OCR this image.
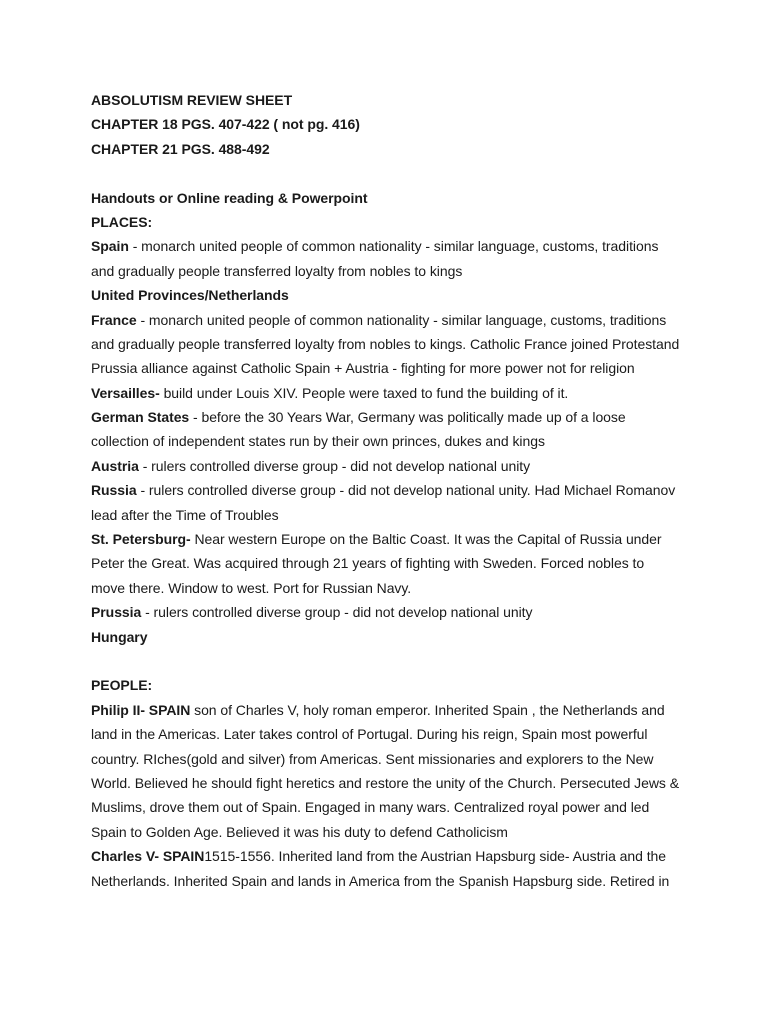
ABSOLUTISM REVIEW SHEET
CHAPTER 18 PGS. 407-422 ( not pg. 416)
CHAPTER 21 PGS. 488-492
Handouts or Online reading & Powerpoint
PLACES:
Spain - monarch united people of common nationality - similar language, customs, traditions
and gradually people transferred loyalty from nobles to kings
United Provinces/Netherlands
France - monarch united people of common nationality - similar language, customs, traditions
and gradually people transferred loyalty from nobles to kings. Catholic France joined Protestand
Prussia alliance against Catholic Spain + Austria - fighting for more power not for religion
Versailles- build under Louis XIV. People were taxed to fund the building of it.
German States - before the 30 Years War, Germany was politically made up of a loose
collection of independent states run by their own princes, dukes and kings
Austria - rulers controlled diverse group - did not develop national unity
Russia - rulers controlled diverse group - did not develop national unity. Had Michael Romanov
lead after the Time of Troubles
St. Petersburg- Near western Europe on the Baltic Coast. It was the Capital of Russia under
Peter the Great. Was acquired through 21 years of fighting with Sweden. Forced nobles to
move there. Window to west. Port for Russian Navy.
Prussia - rulers controlled diverse group - did not develop national unity
Hungary
PEOPLE:
Philip II- SPAIN son of Charles V, holy roman emperor. Inherited Spain , the Netherlands and
land in the Americas. Later takes control of Portugal. During his reign, Spain most powerful
country. RIches(gold and silver) from Americas. Sent missionaries and explorers to the New
World. Believed he should fight heretics and restore the unity of the Church. Persecuted Jews &
Muslims, drove them out of Spain. Engaged in many wars. Centralized royal power and led
Spain to Golden Age. Believed it was his duty to defend Catholicism
Charles V- SPAIN1515-1556. Inherited land from the Austrian Hapsburg side- Austria and the
Netherlands. Inherited Spain and lands in America from the Spanish Hapsburg side. Retired in
